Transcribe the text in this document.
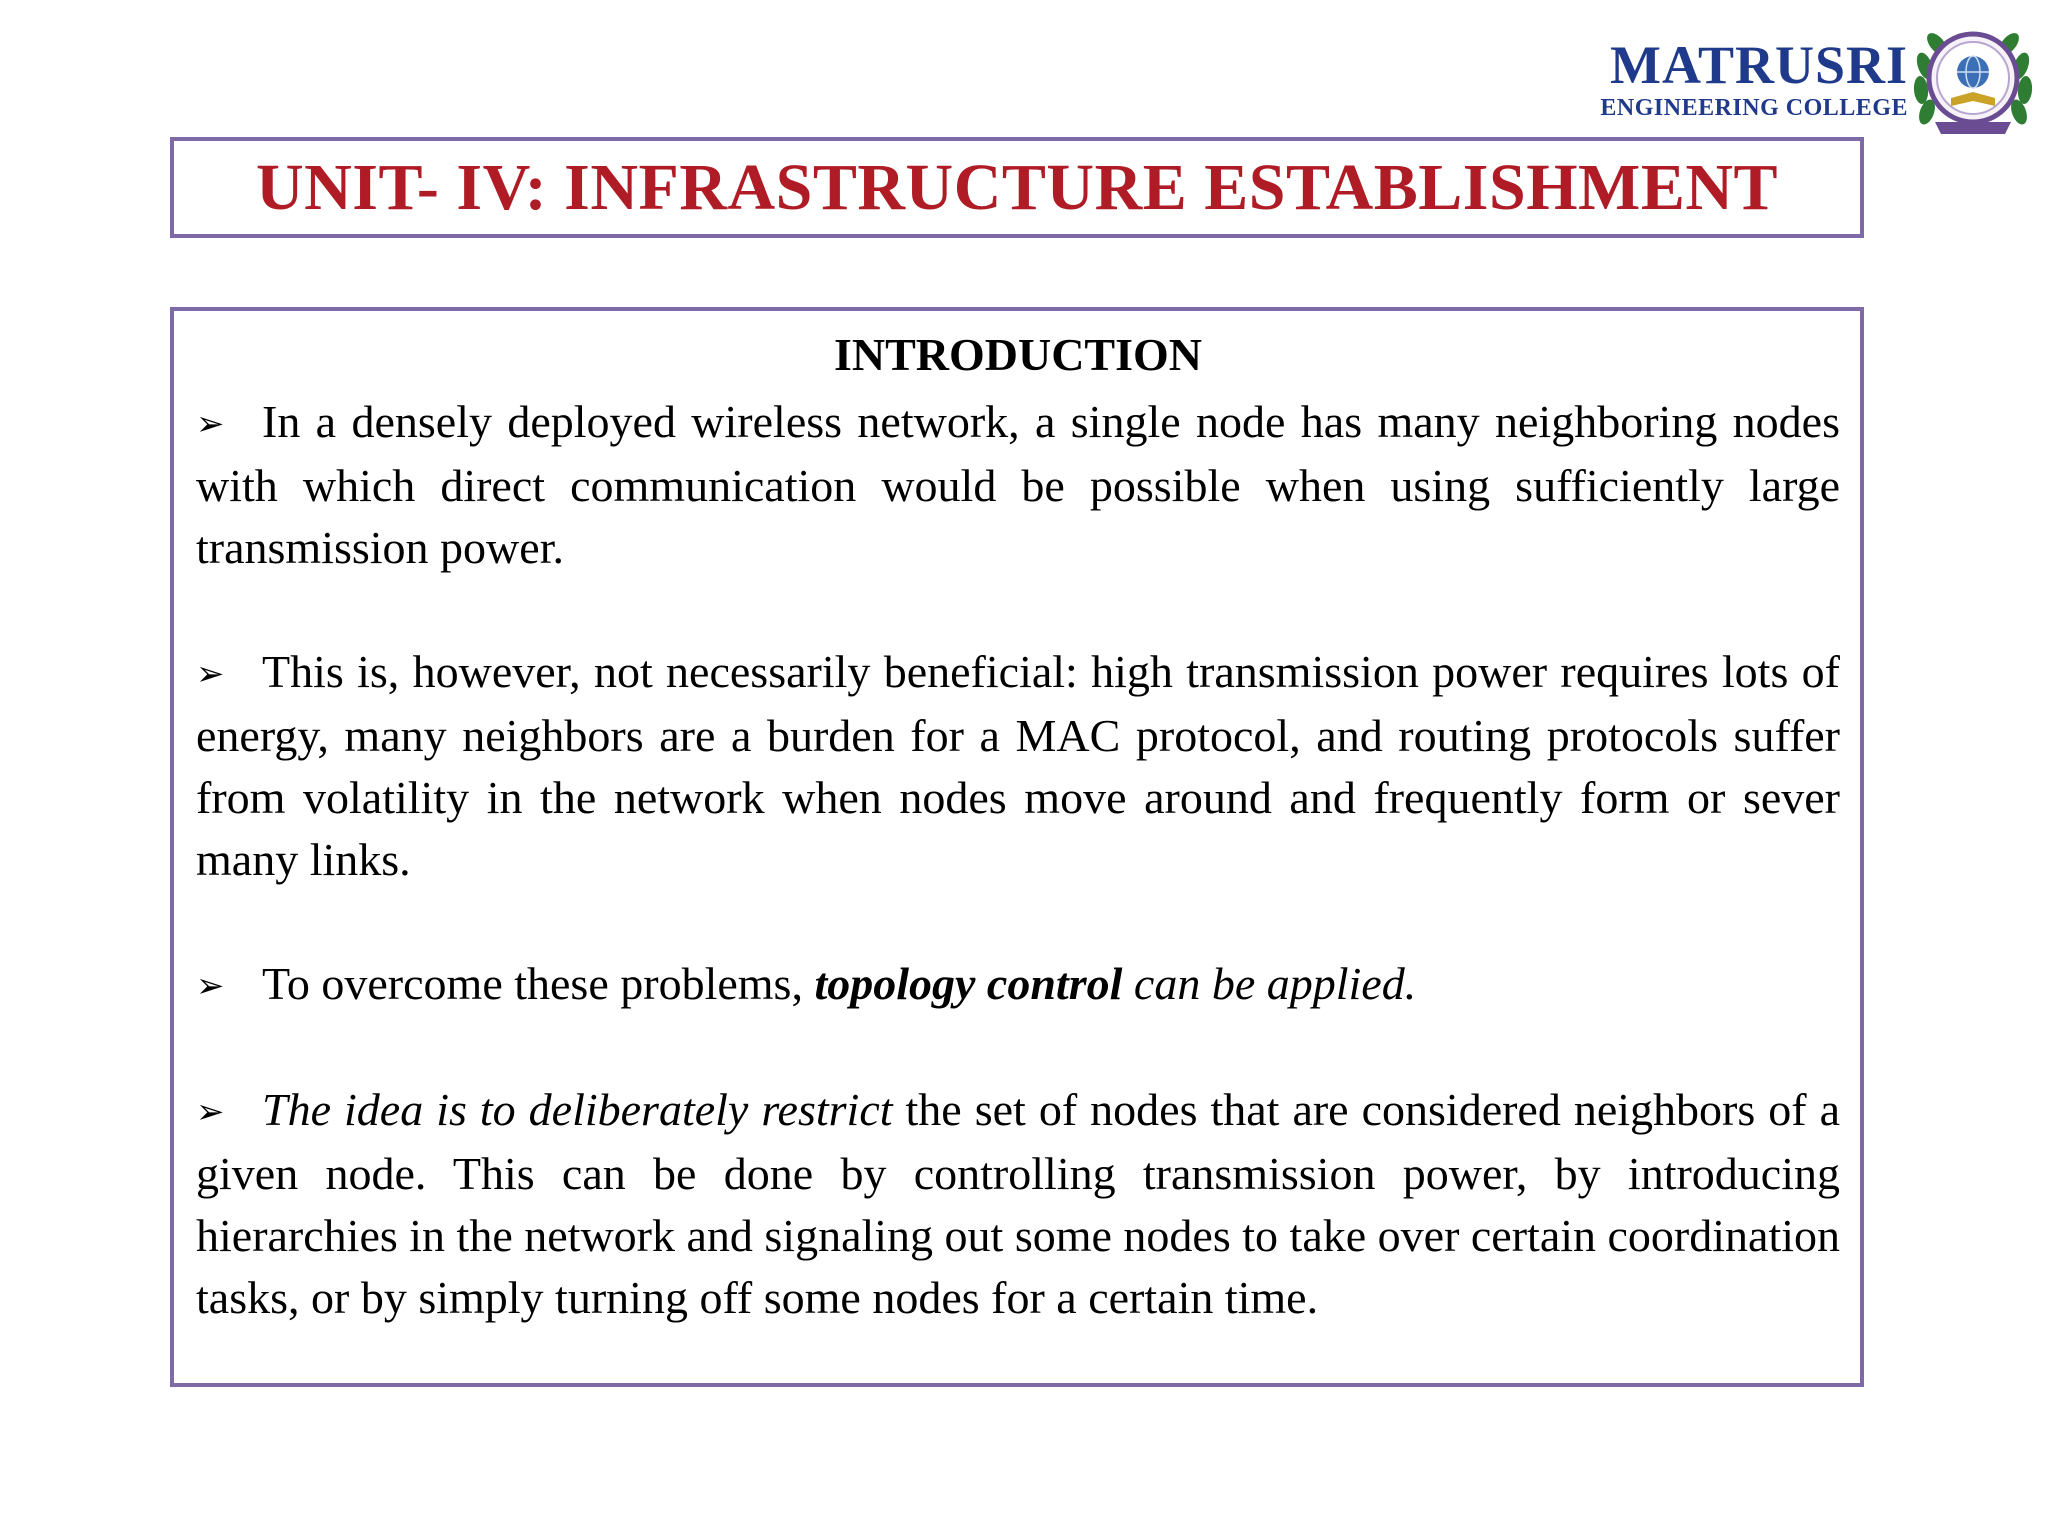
MATRUSRI
ENGINEERING COLLEGE
UNIT- IV: INFRASTRUCTURE ESTABLISHMENT
INTRODUCTION

➢ In a densely deployed wireless network, a single node has many neighboring nodes with which direct communication would be possible when using sufficiently large transmission power.

➢ This is, however, not necessarily beneficial: high transmission power requires lots of energy, many neighbors are a burden for a MAC protocol, and routing protocols suffer from volatility in the network when nodes move around and frequently form or sever many links.

➢ To overcome these problems, topology control can be applied.

➢ The idea is to deliberately restrict the set of nodes that are considered neighbors of a given node. This can be done by controlling transmission power, by introducing hierarchies in the network and signaling out some nodes to take over certain coordination tasks, or by simply turning off some nodes for a certain time.
